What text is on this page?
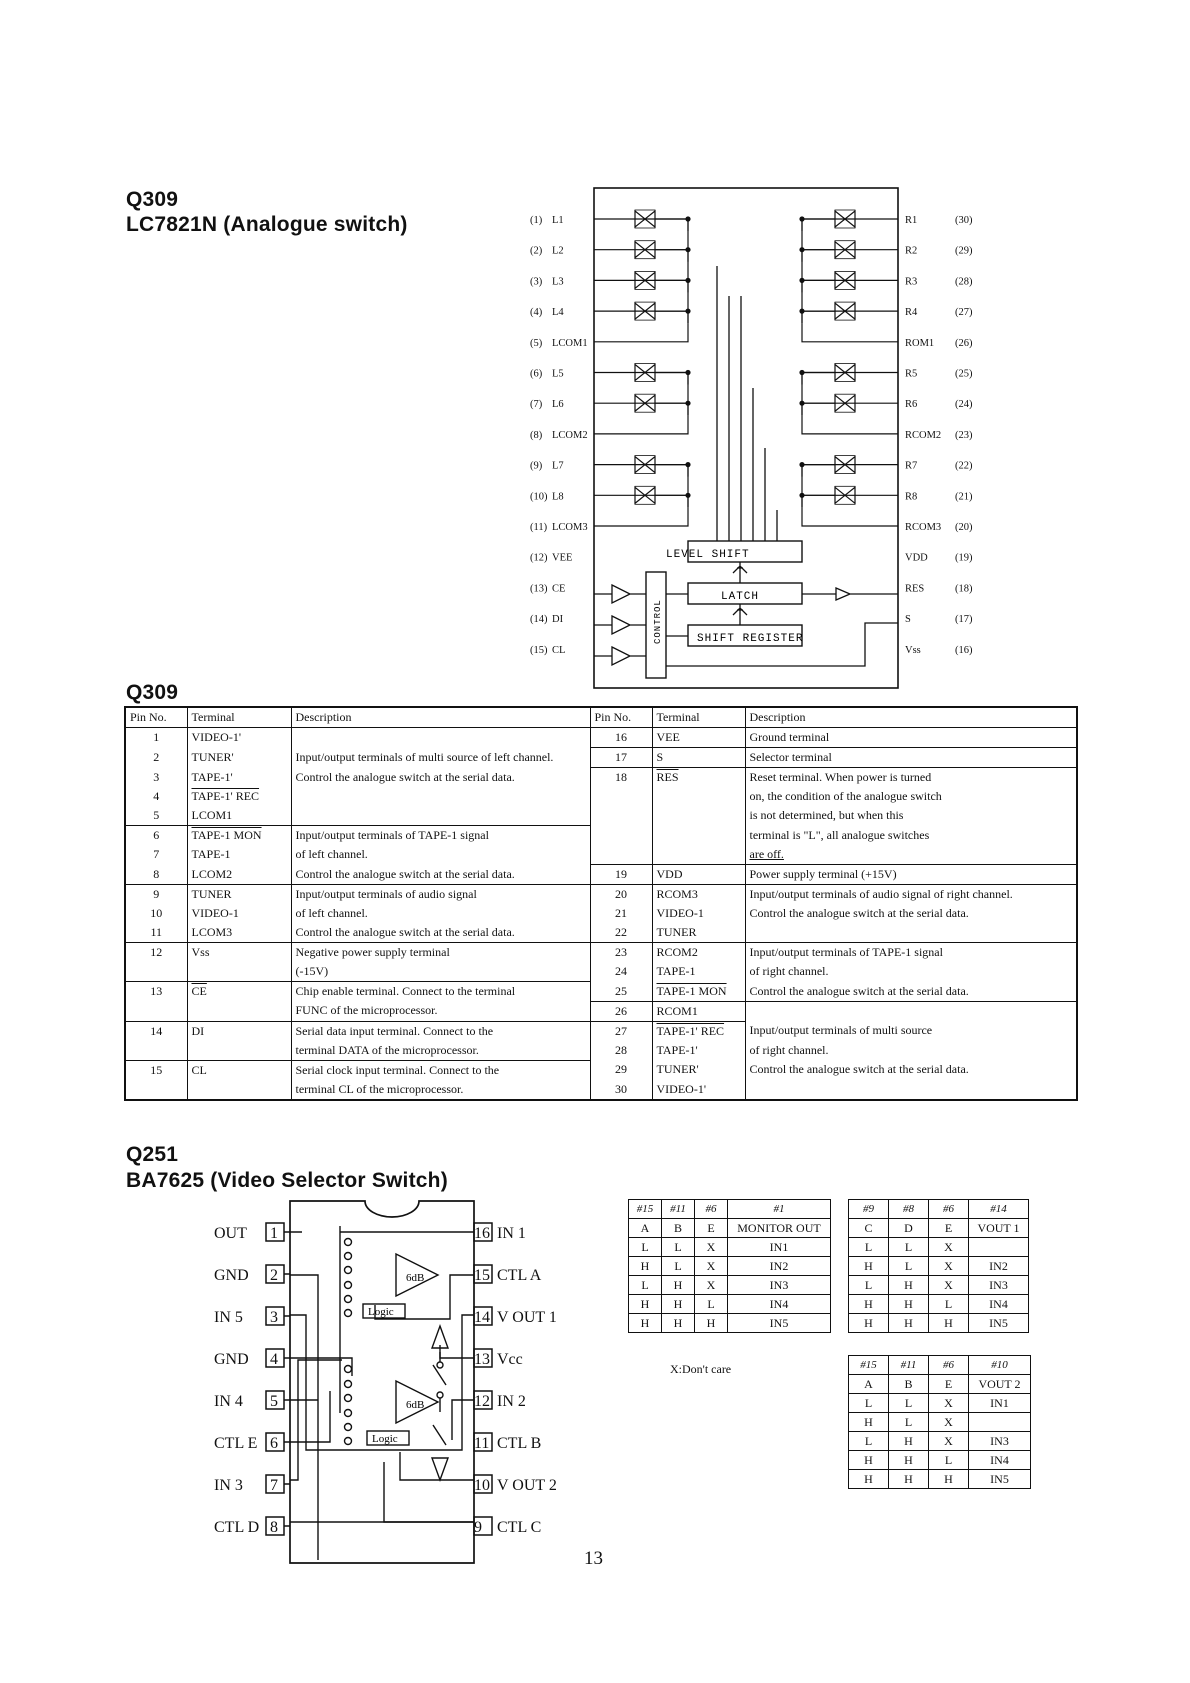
Q309
LC7821N (Analogue switch)
Q309
Q251
BA7625 (Video Selector Switch)
(1) L1
(2) L2
(3) L3
(4) L4
(5) LCOM1
(6) L5
(7) L6
(8) LCOM2
(9) L7
(10) L8
(11) LCOM3
(12) VEE
(13) CE
(14) DI
(15) CL
R1	(30)
R2	(29)
R3	(28)
R4	(27)
ROM1 (26)
R5	(25)
R6	(24)
RCOM2 (23)
R7	(22)
R8	(21)
RCOM3 (20)
VDD	(19)
RES	(18)
S	(17)
Vss	(16)
LEVEL SHIFT
LATCH
SHIFT REGISTER
CONTROL
Pin No.	Terminal	Description	Pin No.	Terminal	Description
1	VIDEO-1'		16	VEE	Ground terminal
2	TUNER'	Input/output terminals of multi source of left channel.	17	S	Selector terminal
3	TAPE-1'	Control the analogue switch at the serial data.	18	$\overline{RES}$	Reset terminal. When power is turned
4	TAPE-1' REC				on, the condition of the analogue switch
5	LCOM1				is not determined, but when this
6	TAPE-1 MON	Input/output terminals of TAPE-1 signal			terminal is "L", all analogue switches
7	TAPE-1	of left channel.			are off.
8	LCOM2	Control the analogue switch at the serial data.	19	VDD	Power supply terminal (+15V)
9	TUNER	Input/output terminals of audio signal	20	RCOM3	Input/output terminals of audio signal of right channel.
10	VIDEO-1	of left channel.	21	VIDEO-1	Control the analogue switch at the serial data.
11	LCOM3	Control the analogue switch at the serial data.	22	TUNER	
12	Vss	Negative power supply terminal	23	RCOM2	Input/output terminals of TAPE-1 signal
		(-15V)	24	TAPE-1	of right channel.
13	$\overline{CE}$	Chip enable terminal. Connect to the terminal	25	TAPE-1 MON	Control the analogue switch at the serial data.
		FUNC of the microprocessor.	26	RCOM1	
14	DI	Serial data input terminal. Connect to the	27	TAPE-1' REC	Input/output terminals of multi source
		terminal DATA of the microprocessor.	28	TAPE-1'	of right channel.
15	CL	Serial clock input terminal. Connect to the	29	TUNER'	Control the analogue switch at the serial data.
		terminal CL of the microprocessor.	30	VIDEO-1'	
1
OUT
2
GND
3
IN 5
4
GND
5
IN 4
6
CTL E
7
IN 3
8
CTL D
16 IN 1
15 CTL A
14 V OUT 1
13 Vcc
12 IN 2
11 CTL B
10 V OUT 2
9 CTL C
6dB
6dB
Logic
Logic
#15	#11	#6	#1
A	B	E	MONITOR OUT
L	L	X	IN1
H	L	X	IN2
L	H	X	IN3
H	H	L	IN4
H	H	H	IN5
#9	#8	#6	#14
C	D	E	VOUT 1
L	L	X	
H	L	X	IN2
L	H	X	IN3
H	H	L	IN4
H	H	H	IN5
#15	#11	#6	#10
A	B	E	VOUT 2
L	L	X	IN1
H	L	X	
L	H	X	IN3
H	H	L	IN4
H	H	H	IN5
X:Don't care
13
